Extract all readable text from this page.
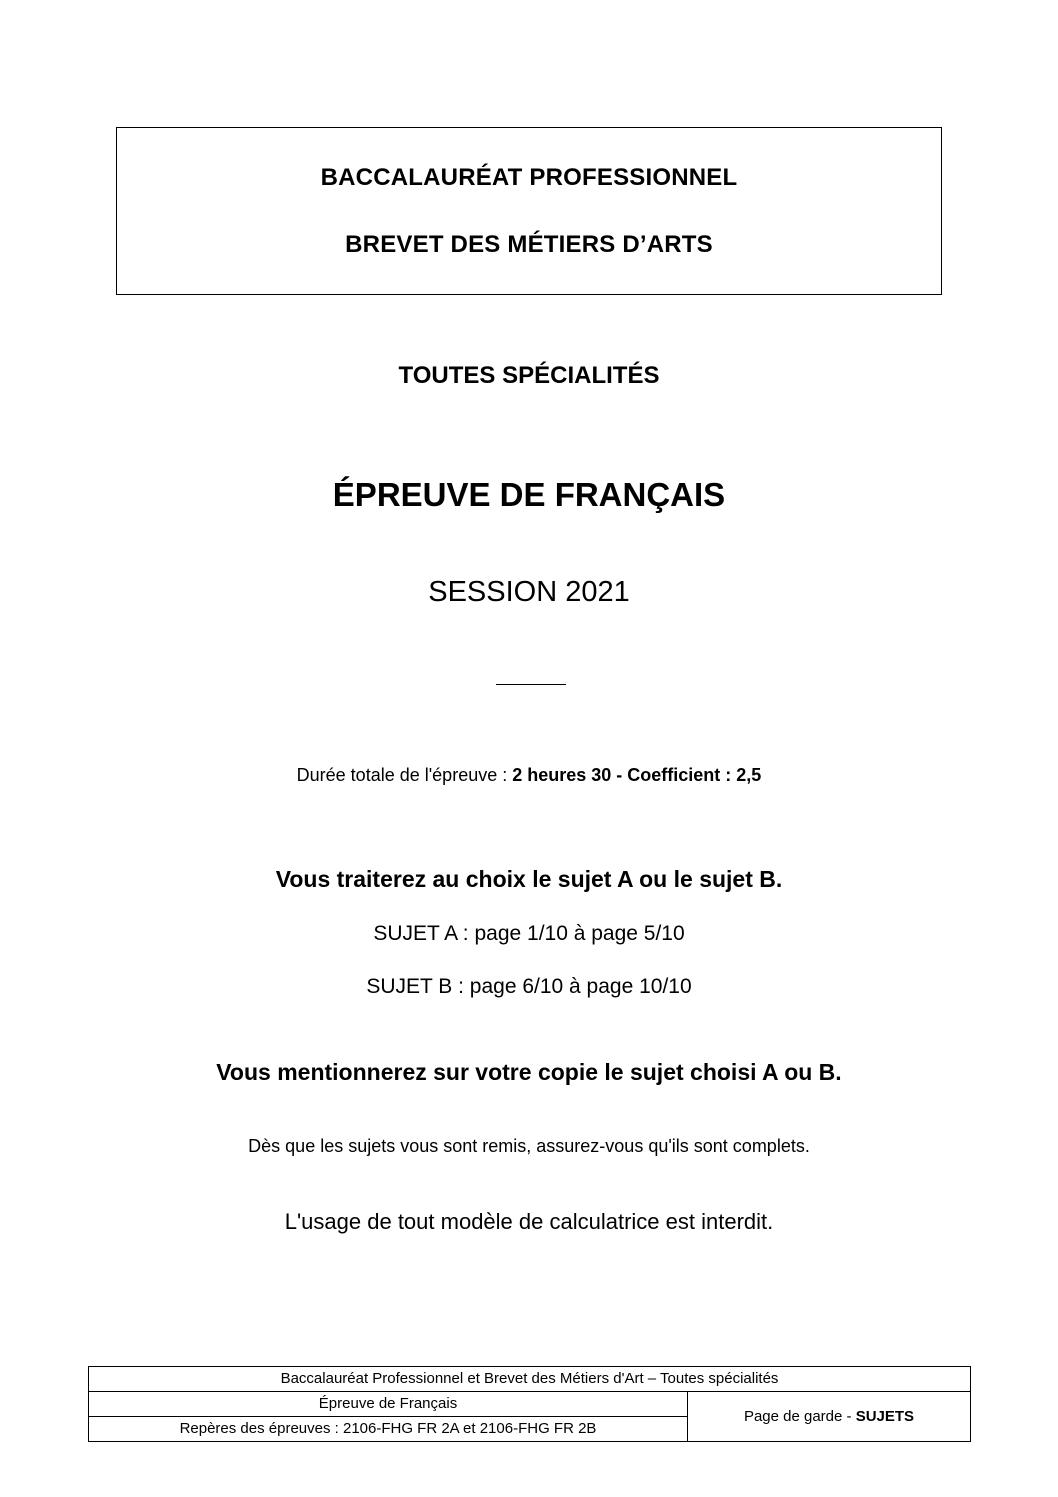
BACCALAURÉAT PROFESSIONNEL
BREVET DES MÉTIERS D’ARTS
TOUTES SPÉCIALITÉS
ÉPREUVE DE FRANÇAIS
SESSION 2021
Durée totale de l'épreuve : 2 heures 30 - Coefficient : 2,5
Vous traiterez au choix le sujet A ou le sujet B.
SUJET A : page 1/10 à page 5/10
SUJET B : page 6/10 à page 10/10
Vous mentionnerez sur votre copie le sujet choisi A ou B.
Dès que les sujets vous sont remis, assurez-vous qu'ils sont complets.
L'usage de tout modèle de calculatrice est interdit.
Baccalauréat Professionnel et Brevet des Métiers d'Art – Toutes spécialités
Épreuve de Français	Page de garde - SUJETS
Repères des épreuves : 2106-FHG FR 2A et 2106-FHG FR 2B
